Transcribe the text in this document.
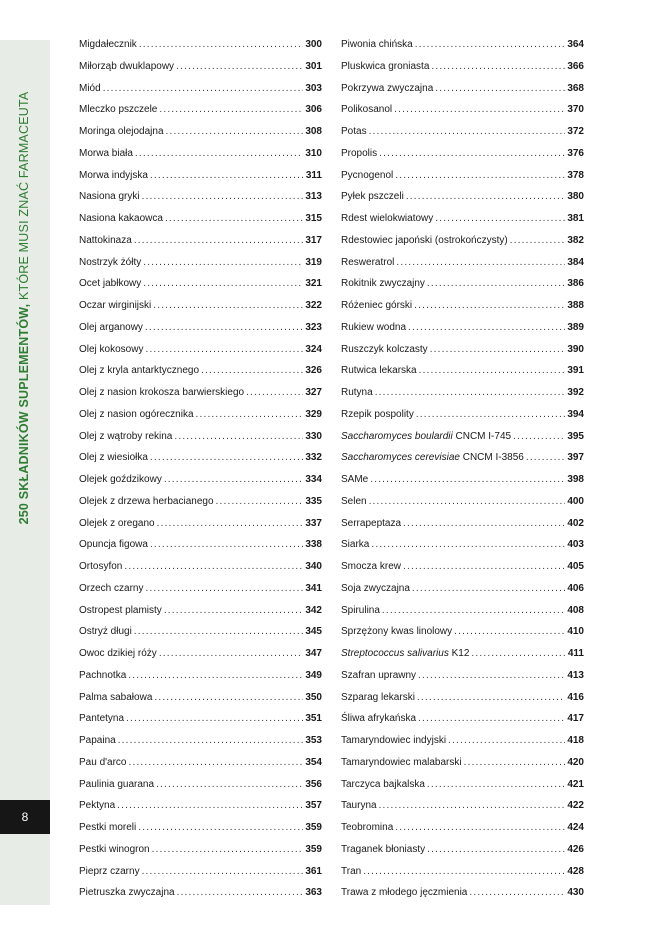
250 SKŁADNIKÓW SUPLEMENTÓW, KTÓRE MUSI ZNAĆ FARMACEUTA
8
Migdałecznik .....	300
Miłorząb dwuklapowy .....	301
Miód .....	303
Mleczko pszczele .....	306
Moringa olejodajna .....	308
Morwa biała .....	310
Morwa indyjska .....	311
Nasiona gryki .....	313
Nasiona kakaowca .....	315
Nattokinaza .....	317
Nostrzyk żółty .....	319
Ocet jabłkowy .....	321
Oczar wirginijski .....	322
Olej arganowy .....	323
Olej kokosowy .....	324
Olej z kryla antarktycznego .....	326
Olej z nasion krokosza barwierskiego .....	327
Olej z nasion ogórecznika .....	329
Olej z wątroby rekina .....	330
Olej z wiesiołka .....	332
Olejek goździkowy .....	334
Olejek z drzewa herbacianego .....	335
Olejek z oregano .....	337
Opuncja figowa .....	338
Ortosyfon .....	340
Orzech czarny .....	341
Ostropest plamisty .....	342
Ostryż długi .....	345
Owoc dzikiej róży .....	347
Pachnotka .....	349
Palma sabałowa .....	350
Pantetyna .....	351
Papaina .....	353
Pau d'arco .....	354
Paulinia guarana .....	356
Pektyna .....	357
Pestki moreli .....	359
Pestki winogron .....	359
Pieprz czarny .....	361
Pietruszka zwyczajna .....	363
Piwonia chińska .....	364
Pluskwica groniasta .....	366
Pokrzywa zwyczajna .....	368
Polikosanol .....	370
Potas .....	372
Propolis .....	376
Pycnogenol .....	378
Pyłek pszczeli .....	380
Rdest wielokwiatowy .....	381
Rdestowiec japoński (ostrokończysty) .....	382
Resweratrol .....	384
Rokitnik zwyczajny .....	386
Różeniec górski .....	388
Rukiew wodna .....	389
Ruszczyk kolczasty .....	390
Rutwica lekarska .....	391
Rutyna .....	392
Rzepik pospolity .....	394
Saccharomyces boulardii CNCM I-745 .....	395
Saccharomyces cerevisiae CNCM I-3856 .....	397
SAMe .....	398
Selen .....	400
Serrapeptaza .....	402
Siarka .....	403
Smocza krew .....	405
Soja zwyczajna .....	406
Spirulina .....	408
Sprzężony kwas linolowy .....	410
Streptococcus salivarius K12 .....	411
Szafran uprawny .....	413
Szparag lekarski .....	416
Śliwa afrykańska .....	417
Tamaryndowiec indyjski .....	418
Tamaryndowiec malabarski .....	420
Tarczyca bajkalska .....	421
Tauryna .....	422
Teobromina .....	424
Traganek błoniasty .....	426
Tran .....	428
Trawa z młodego jęczmienia .....	430
